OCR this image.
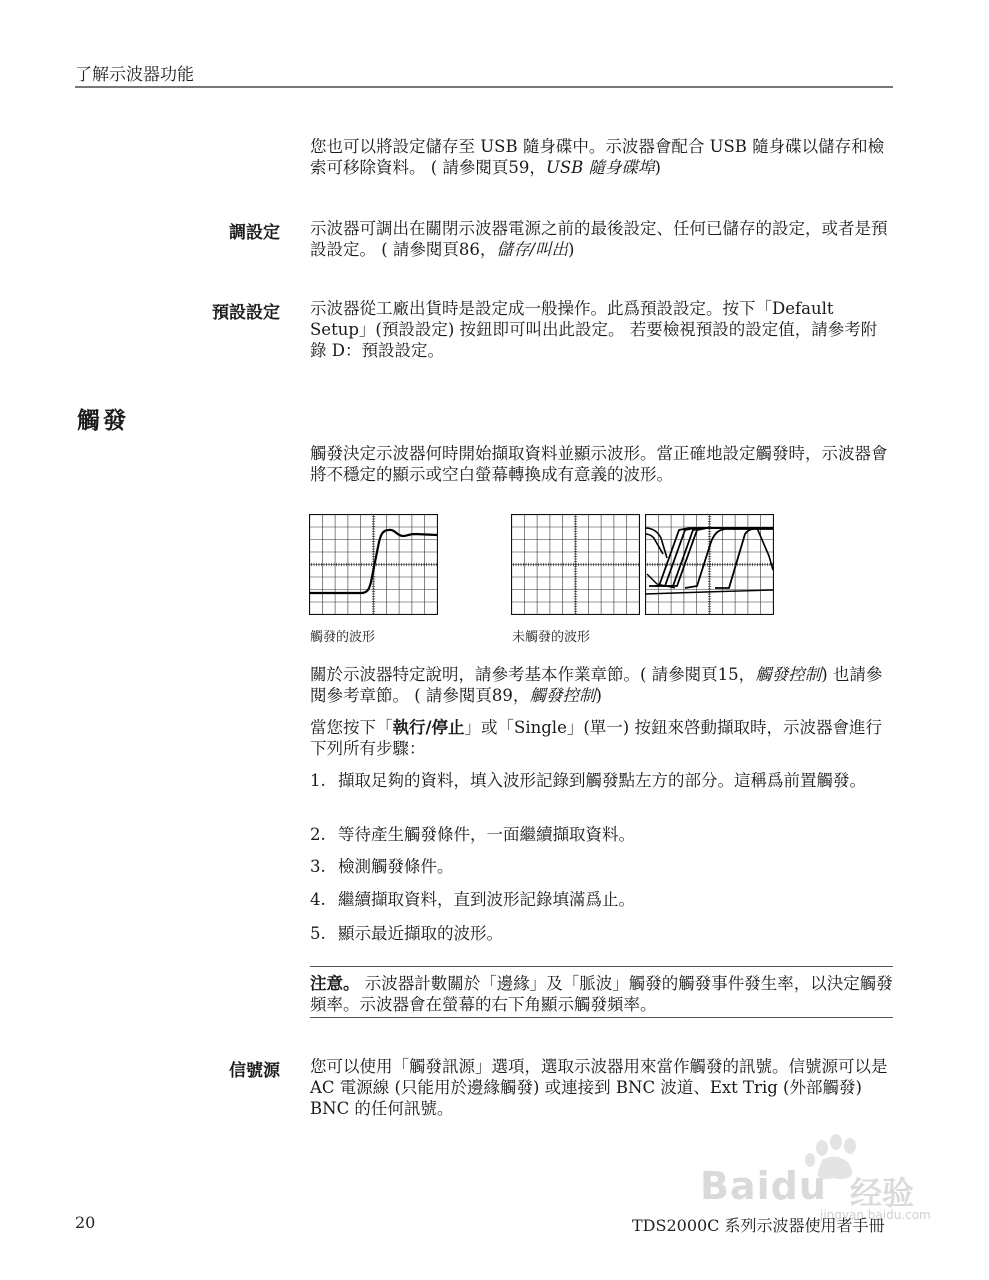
了解示波器功能
您也可以將設定儲存至 USB 隨身碟中。示波器會配合 USB 隨身碟以儲存和檢索可移除資料。 ( 請參閱頁59，USB 隨身碟埠)
調設定 示波器可調出在關閉示波器電源之前的最後設定、任何已儲存的設定，或者是預設設定。 ( 請參閱頁86，儲存/叫出)
預設設定 示波器從工廠出貨時是設定成一般操作。此爲預設設定。按下「Default Setup」(預設設定) 按鈕即可叫出此設定。 若要檢視預設的設定值，請參考附錄 D：預設設定。
觸發
觸發決定示波器何時開始擷取資料並顯示波形。當正確地設定觸發時，示波器會將不穩定的顯示或空白螢幕轉換成有意義的波形。
觸發的波形	未觸發的波形
關於示波器特定說明，請參考基本作業章節。( 請參閱頁15，觸發控制) 也請參閱參考章節。 ( 請參閱頁89，觸發控制)
當您按下「執行/停止」或「Single」(單一) 按鈕來啓動擷取時，示波器會進行下列所有步驟：
1. 擷取足夠的資料，填入波形記錄到觸發點左方的部分。這稱爲前置觸發。
2. 等待產生觸發條件，一面繼續擷取資料。
3. 檢測觸發條件。
4. 繼續擷取資料，直到波形記錄填滿爲止。
5. 顯示最近擷取的波形。
注意。 示波器計數關於「邊緣」及「脈波」觸發的觸發事件發生率，以決定觸發頻率。示波器會在螢幕的右下角顯示觸發頻率。
信號源 您可以使用「觸發訊源」選項，選取示波器用來當作觸發的訊號。信號源可以是 AC 電源線 (只能用於邊緣觸發) 或連接到 BNC 波道、Ext Trig (外部觸發) BNC 的任何訊號。
Baidu 经验
jingyan.baidu.com
20	TDS2000C 系列示波器使用者手冊
